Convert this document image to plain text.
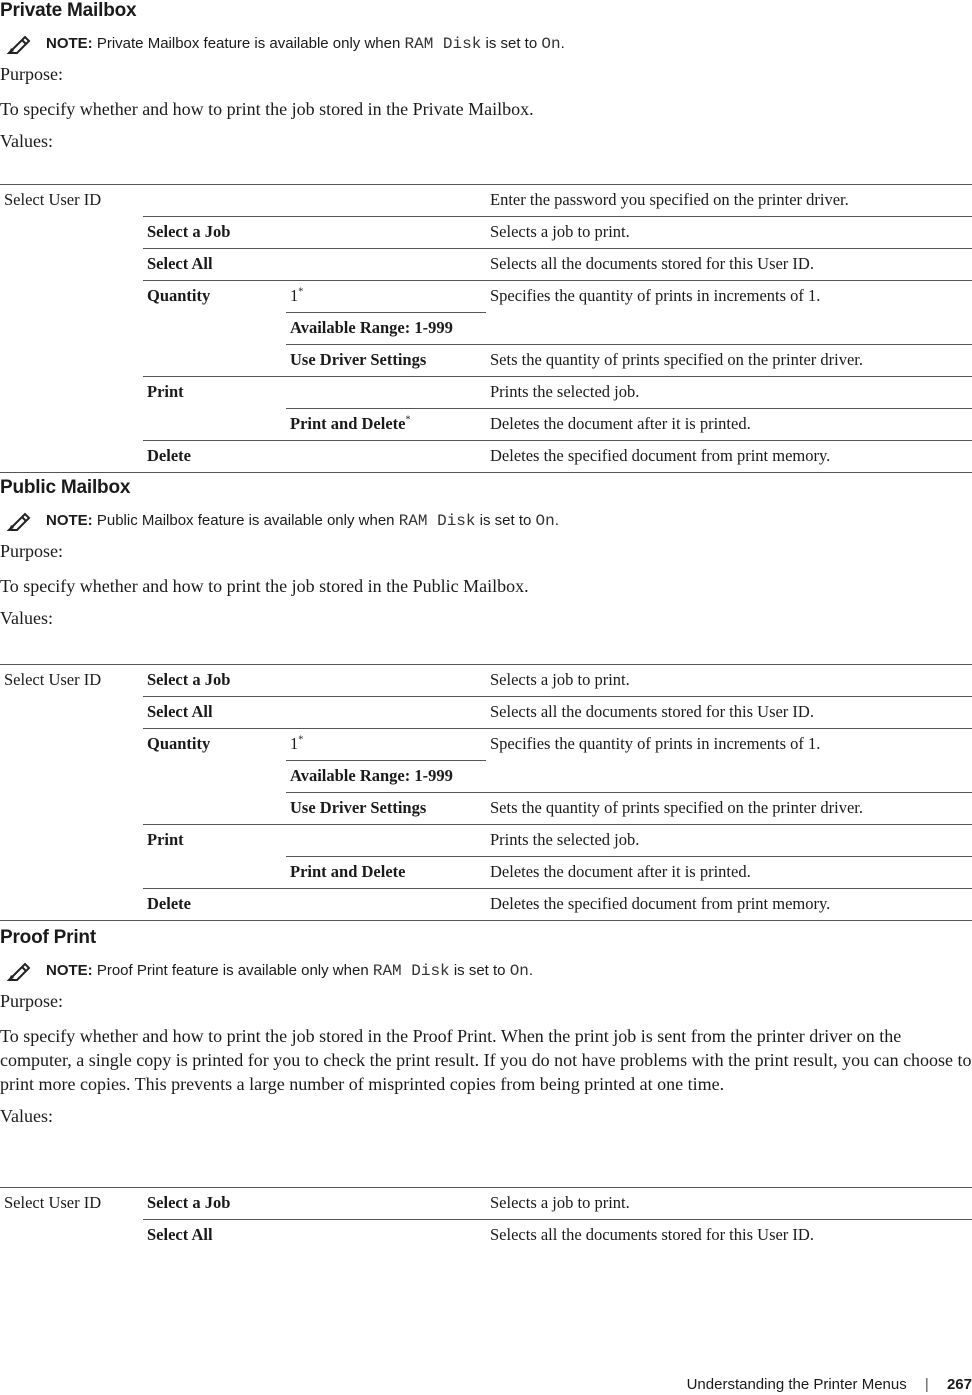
Private Mailbox
NOTE: Private Mailbox feature is available only when RAM Disk is set to On.
Purpose:
To specify whether and how to print the job stored in the Private Mailbox.
Values:
Select User ID			Enter the password you specified on the printer driver.
	Select a Job		Selects a job to print.
	Select All		Selects all the documents stored for this User ID.
	Quantity	1*	Specifies the quantity of prints in increments of 1.
		Available Range: 1-999	
		Use Driver Settings	Sets the quantity of prints specified on the printer driver.
	Print		Prints the selected job.
		Print and Delete*	Deletes the document after it is printed.
	Delete		Deletes the specified document from print memory.
Public Mailbox
NOTE: Public Mailbox feature is available only when RAM Disk is set to On.
Purpose:
To specify whether and how to print the job stored in the Public Mailbox.
Values:
Select User ID	Select a Job		Selects a job to print.
	Select All		Selects all the documents stored for this User ID.
	Quantity	1*	Specifies the quantity of prints in increments of 1.
		Available Range: 1-999	
		Use Driver Settings	Sets the quantity of prints specified on the printer driver.
	Print		Prints the selected job.
		Print and Delete	Deletes the document after it is printed.
	Delete		Deletes the specified document from print memory.
Proof Print
NOTE: Proof Print feature is available only when RAM Disk is set to On.
Purpose:
To specify whether and how to print the job stored in the Proof Print. When the print job is sent from the printer driver on the computer, a single copy is printed for you to check the print result. If you do not have problems with the print result, you can choose to print more copies. This prevents a large number of misprinted copies from being printed at one time.
Values:
Select User ID	Select a Job		Selects a job to print.
	Select All		Selects all the documents stored for this User ID.
Understanding the Printer Menus | 267
